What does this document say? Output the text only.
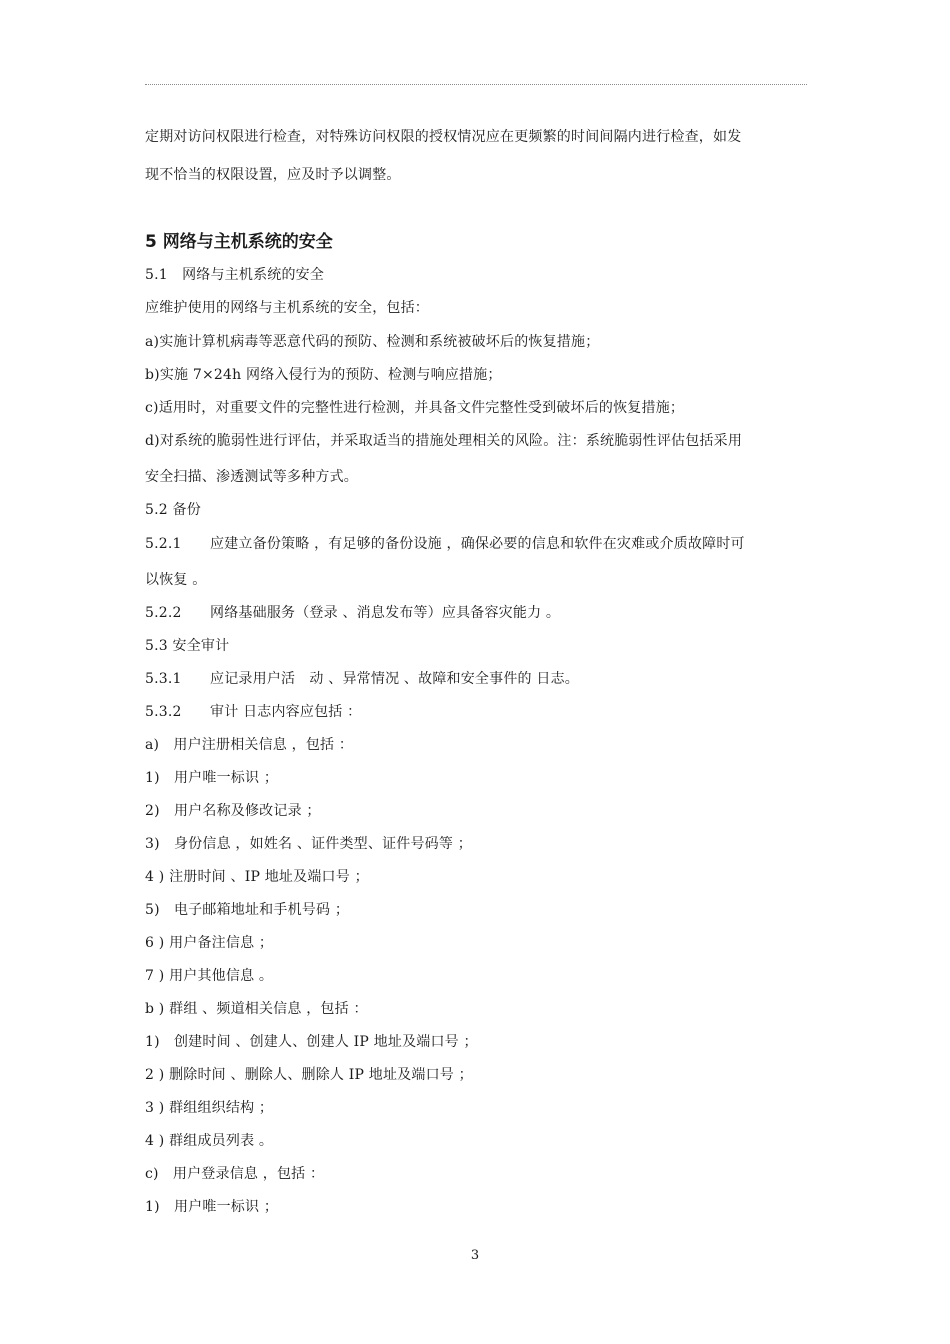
定期对访问权限进行检查，对特殊访问权限的授权情况应在更频繁的时间间隔内进行检查，如发
现不恰当的权限设置，应及时予以调整。
5 网络与主机系统的安全
5.1　网络与主机系统的安全
应维护使用的网络与主机系统的安全，包括：
a)实施计算机病毒等恶意代码的预防、检测和系统被破坏后的恢复措施；
b)实施 7×24h 网络入侵行为的预防、检测与响应措施；
c)适用时，对重要文件的完整性进行检测，并具备文件完整性受到破坏后的恢复措施；
d)对系统的脆弱性进行评估，并采取适当的措施处理相关的风险。注：系统脆弱性评估包括采用
安全扫描、渗透测试等多种方式。
5.2 备份
5.2.1　　应建立备份策略 ，有足够的备份设施 ，确保必要的信息和软件在灾难或介质故障时可
以恢复 。
5.2.2　　网络基础服务（登录 、消息发布等）应具备容灾能力 。
5.3 安全审计
5.3.1　　应记录用户活　动 、异常情况 、故障和安全事件的 日志。
5.3.2　　审计 日志内容应包括 ：
a)　用户注册相关信息 ，包括 ：
1)　用户唯一标识 ；
2)　用户名称及修改记录 ；
3)　身份信息 ，如姓名 、证件类型、证件号码等 ；
4 ) 注册时间 、IP 地址及端口号 ；
5)　电子邮箱地址和手机号码 ；
6 ) 用户备注信息 ；
7 ) 用户其他信息 。
b ) 群组 、频道相关信息 ，包括 ：
1)　创建时间 、创建人、创建人 IP 地址及端口号 ；
2 ) 删除时间 、删除人、删除人 IP 地址及端口号 ；
3 ) 群组组织结构 ；
4 ) 群组成员列表 。
c)　用户登录信息 ，包括 ：
1)　用户唯一标识 ；
3
